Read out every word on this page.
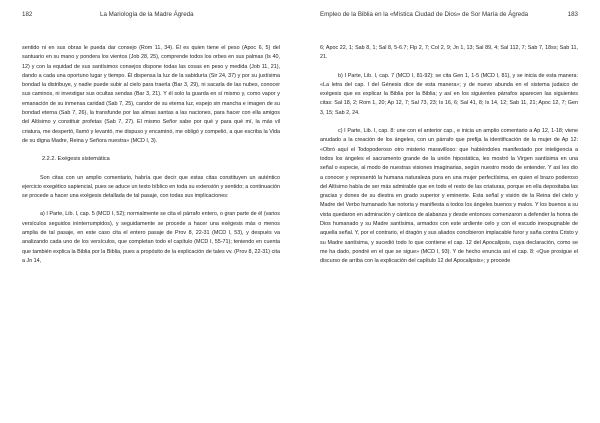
182	La Mariología de la Madre Ágreda

sentido ni en sus obras le pueda dar consejo (Rom 11, 34). Él es quien tiene el peso (Apoc 6, 5) del santuario en su mano y pondera los vientos (Job 28, 25), comprende todos los orbes en sus palmas (Is 40, 12) y con la equidad de sus santísimos consejos dispone todas las cosas en peso y medida (Job 11, 21), dando a cada una oportuno lugar y tiempo. Él dispensa la luz de la sabiduría (Sir 24, 37) y por su justísima bondad la distribuye, y nadie puede subir al cielo para traerla (Bar 3, 29), ni sacarla de las nubes, conocer sus caminos, ni investigar sus ocultas sendas (Bar 3, 21). Y él solo la guarda en sí mismo y, como vapor y emanación de su inmensa caridad (Sab 7, 25), candor de su eterna luz, espejo sin mancha e imagen de su bondad eterna (Sab 7, 26), la transfunde por las almas santas a las naciones, para hacer con ella amigos del Altísimo y constituir profetas (Sab 7, 27). El mismo Señor sabe por qué y para qué mí, la más vil criatura, me despertó, llamó y levantó, me dispuso y encaminó, me obligó y compelió, a que escriba la Vida de su digna Madre, Reina y Señora nuestra» (MCD I, 3).

2.2.2. Exégesis sistemática

Son citas con un amplio comentario, habría que decir que estas citas constituyen un auténtico ejercicio exegético sapiencial, pues se aduce un texto bíblico en toda su extensión y sentido; a continuación se procede a hacer una exégesis detallada de tal pasaje, con todas sus implicaciones:

a) I Parte, Lib. I, cap. 5 (MCD I, 52); normalmente se cita el párrafo entero, o gran parte de él (varios versículos seguidos ininterrumpidos), y seguidamente se procede a hacer una exégesis más o menos amplia de tal pasaje, en este caso cita el entero pasaje de Prov 8, 22-31 (MCD I, 53), y después va analizando cada uno de los versículos, que completan todo el capítulo (MCD I, 55-71); teniendo en cuenta que también explica la Biblia por la Biblia, pues a propósito de la explicación de tales vv. (Prov 8, 22-31) cita a Jn 14,

Empleo de la Biblia en la «Mística Ciudad de Dios» de Sor María de Ágreda	183

6; Apoc 22, 1; Sab 8, 1; Sal 8, 5-6.7; Flp 2, 7; Col 2, 9; Jn 1, 13; Sal 89, 4; Sal 112, 7; Sab 7, 18ss; Sab 11, 21.

b) I Parte, Lib. I, cap. 7 (MCD I, 81-92): se cita Gen 1, 1-5 (MCD I, 81), y se inicia de esta manera: «La letra del cap. I del Génesis dice de esta manera»; y de nuevo abunda en el sistema judaico de exégesis que es explicar la Biblia por la Biblia; y así en los siguientes párrafos aparecen las siguientes citas: Sal 18, 2; Rom 1, 20; Ap 12, 7; Sal 73, 23; Is 16, 6; Sal 41, 8; Is 14, 12; Sab 11, 21; Apoc 12, 7; Gen 3, 15; Sab 2, 24.

c) I Parte, Lib. I, cap. 8: une con el anterior cap., e inicia un amplio comentario a Ap 12, 1-18; viene anudado a la creación de los ángeles, con un párrafo que prefija la identificación de la mujer de Ap 12: «Obró aquí el Todopoderoso otro misterio maravilloso: que habiéndoles manifestado por inteligencia a todos los ángeles el sacramento grande de la unión hipostática, les mostró la Virgen santísima en una señal o especie, al modo de nuestras visiones imaginarias, según nuestro modo de entender. Y así les dio a conocer y representó la humana naturaleza pura en una mujer perfectísima, en quien el brazo poderoso del Altísimo había de ser más admirable que en todo el resto de las criaturas, porque en ella depositaba las gracias y dones de su diestra en grado superior y eminente. Esta señal y visión de la Reina del cielo y Madre del Verbo humanado fue notoria y manifiesta a todos los ángeles buenos y malos. Y los buenos a su vista quedaron en admiración y cánticos de alabanza y desde entonces comenzaron a defender la honra de Dios humanado y su Madre santísima, armados con este ardiente celo y con el escudo inexpugnable de aquella señal. Y, por el contrario, el dragón y sus aliados concibieron implacable furor y saña contra Cristo y su Madre santísima, y sucedió todo lo que contiene el cap. 12 del Apocalipsis, cuya declaración, como se me ha dado, pondré en el que se sigue» (MCD I, 93). Y de hecho enuncia así el cap. 8: «Que prosigue el discurso de arriba con la explicación del capítulo 12 del Apocalipsis»; y procede
